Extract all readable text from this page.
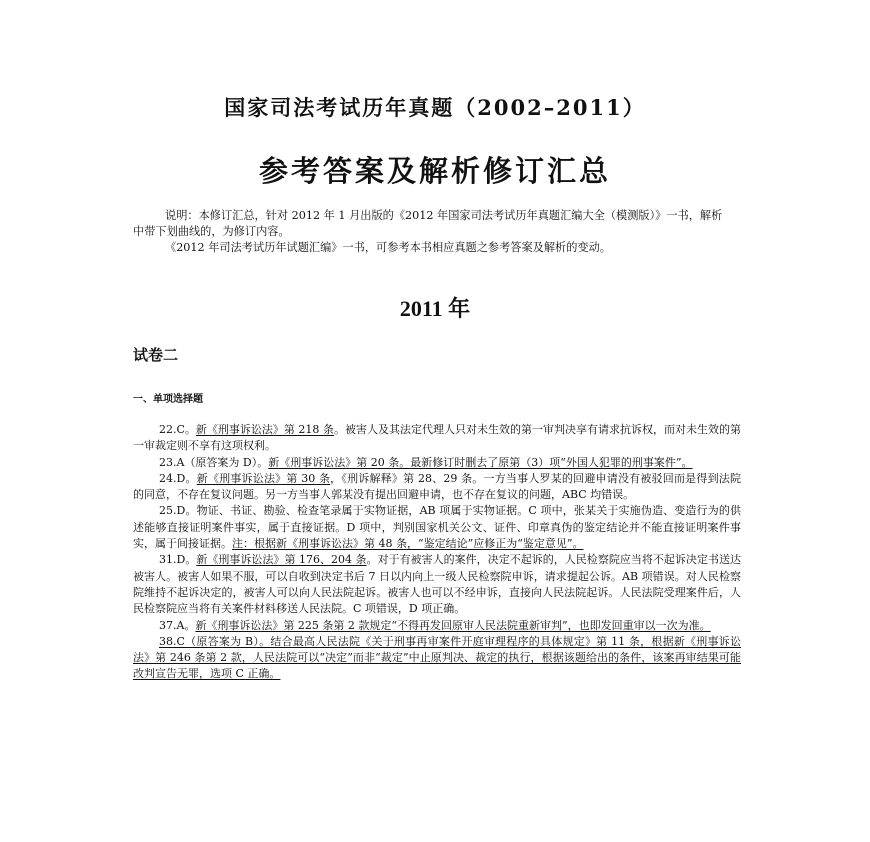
国家司法考试历年真题（2002–2011）
参考答案及解析修订汇总

说明：本修订汇总，针对 2012 年 1 月出版的《2012 年国家司法考试历年真题汇编大全（模测版）》一书，解析中带下划曲线的，为修订内容。

《2012 年司法考试历年试题汇编》一书，可参考本书相应真题之参考答案及解析的变动。

2011 年
试卷二
一、单项选择题

22.C。新《刑事诉讼法》第 218 条。被害人及其法定代理人只对未生效的第一审判决享有请求抗诉权，而对未生效的第一审裁定则不享有这项权利。

23.A（原答案为 D）。新《刑事诉讼法》第 20 条。最新修订时删去了原第（3）项“外国人犯罪的刑事案件”。

24.D。新《刑事诉讼法》第 30 条，《刑诉解释》第 28、29 条。一方当事人罗某的回避申请没有被驳回而是得到法院的同意，不存在复议问题。另一方当事人郭某没有提出回避申请，也不存在复议的问题，ABC 均错误。

25.D。物证、书证、勘验、检查笔录属于实物证据，AB 项属于实物证据。C 项中，张某关于实施伪造、变造行为的供述能够直接证明案件事实，属于直接证据。D 项中，判别国家机关公文、证件、印章真伪的鉴定结论并不能直接证明案件事实，属于间接证据。注：根据新《刑事诉讼法》第 48 条，“鉴定结论”应修正为“鉴定意见”。

31.D。新《刑事诉讼法》第 176、204 条。对于有被害人的案件，决定不起诉的，人民检察院应当将不起诉决定书送达被害人。被害人如果不服，可以自收到决定书后 7 日以内向上一级人民检察院申诉，请求提起公诉。AB 项错误。对人民检察院维持不起诉决定的，被害人可以向人民法院起诉。被害人也可以不经申诉，直接向人民法院起诉。人民法院受理案件后，人民检察院应当将有关案件材料移送人民法院。C 项错误，D 项正确。

37.A。新《刑事诉讼法》第 225 条第 2 款规定“不得再发回原审人民法院重新审判”，也即发回重审以一次为准。

38.C（原答案为 B）。结合最高人民法院《关于刑事再审案件开庭审理程序的具体规定》第 11 条，根据新《刑事诉讼法》第 246 条第 2 款，人民法院可以“决定”而非“裁定”中止原判决、裁定的执行，根据该题给出的条件，该案再审结果可能改判宣告无罪，选项 C 正确。
